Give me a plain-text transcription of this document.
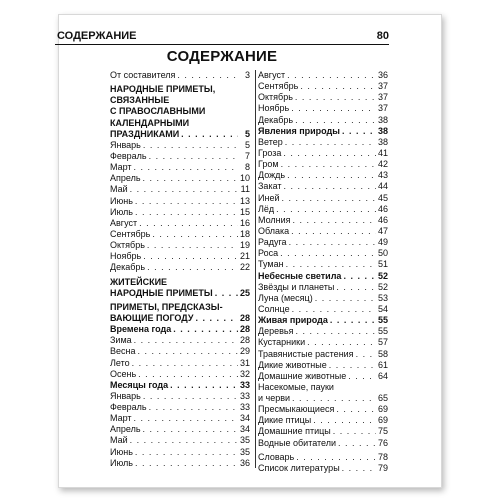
СОДЕРЖАНИЕ	80
СОДЕРЖАНИЕ
От составителя . . .	3
НАРОДНЫЕ ПРИМЕТЫ,
СВЯЗАННЫЕ
С ПРАВОСЛАВНЫМИ
КАЛЕНДАРНЫМИ
ПРАЗДНИКАМИ . . .	5
Январь . . .	5
Февраль . . .	7
Март . . .	8
Апрель . . .	10
Май . . .	11
Июнь . . .	13
Июль . . .	15
Август . . .	16
Сентябрь . . .	18
Октябрь . . .	19
Ноябрь . . .	21
Декабрь . . .	22
ЖИТЕЙСКИЕ
НАРОДНЫЕ ПРИМЕТЫ . . .	25
ПРИМЕТЫ, ПРЕДСКАЗЫ-
ВАЮЩИЕ ПОГОДУ . . .	28
Времена года . . .	28
Зима . . .	28
Весна . . .	29
Лето . . .	31
Осень . . .	32
Месяцы года . . .	33
Январь . . .	33
Февраль . . .	33
Март . . .	34
Апрель . . .	34
Май . . .	35
Июнь . . .	35
Июль . . .	36
Август . . .	36
Сентябрь . . .	37
Октябрь . . .	37
Ноябрь . . .	37
Декабрь . . .	38
Явления природы . . .	38
Ветер . . .	38
Гроза . . .	41
Гром . . .	42
Дождь . . .	43
Закат . . .	44
Иней . . .	45
Лёд . . .	46
Молния . . .	46
Облака . . .	47
Радуга . . .	49
Роса . . .	50
Туман . . .	51
Небесные светила . . .	52
Звёзды и планеты . . .	52
Луна (месяц) . . .	53
Солнце . . .	54
Живая природа . . .	55
Деревья . . .	55
Кустарники . . .	57
Травянистые растения . . .	58
Дикие животные . . .	61
Домашние животные . . .	64
Насекомые, пауки
и черви . . .	65
Пресмыкающиеся . . .	69
Дикие птицы . . .	69
Домашние птицы . . .	75
Водные обитатели . . .	76
Словарь . . .	78
Список литературы . . .	79
